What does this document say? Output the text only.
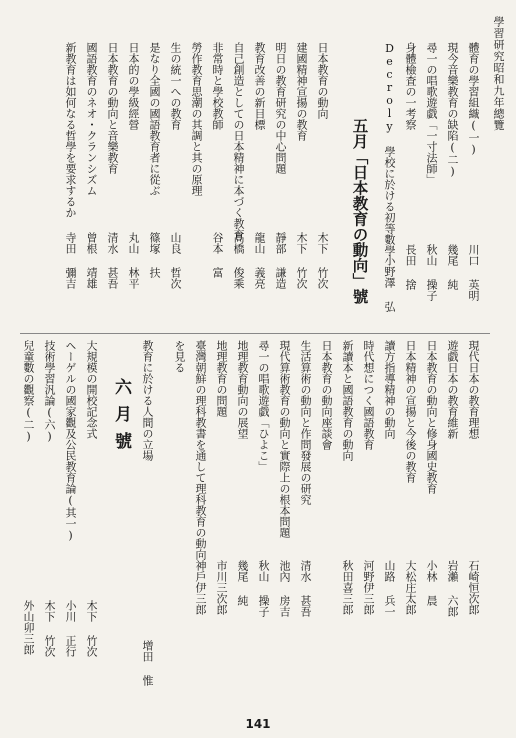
學習研究昭和九年總覽
體育の學習組織(一)
現今音樂教育の缺陷(二)
尋一の唱歌遊戯「一寸法師」
身體檢査の一考察
Decroly 學校に於ける初等數學
川口 英明
幾尾 純
秋山 操子
長田 捨
小野澤 弘
五月「日本教育の動向」號
日本教育の動向
建國精神宣揚の教育
明日の教育研究の中心問題
教育改善の新目標
自己創造としての日本精神に本づく教育
非常時と學校教師
勞作教育思潮の其調と其の原理
生の統一への教育
是なり全國の國語教育者に從ぶ
日本的の學級經營
日本教育の動向と音樂教育
國語教育のネオ・クランシズム
新教育は如何なる哲學を要求するか
木下 竹次
木下 竹次
靜部 謙造
龍山 義亮
高橋 俊乘
谷本 富
山良 哲次
篠塚 扶
丸山 林平
清水 甚吾
曾根 靖雄
寺田 彌吉
現代日本の教育理想
遊戯日本の教育維新
日本教育の動向と修身國史教育
日本精神の宣揚と今後の教育
讀方指導精神の動向
時代想につく國語教育
新讀本と國語教育の動向
日本教育の動向座談會
生活算術の動向と作問發展の研究
現代算術教育の動向と實際上の根本問題
尋一の唱歌遊戯「ひよこ」
地理教育動向の展望
地理教育の問題
臺灣朝鮮の理科教書を通して理科教育の動向
を見る
石崎恒次郎
岩瀨 六郎
小林 晨
大松庄太郎
山路 兵一
河野伊三郎
秋田喜三郎
清水 甚吾
池內 房吉
秋山 操子
幾尾 純
市川三次郎
神戶伊三郎
教育に於ける人間の立場
增田 惟
六月號
大規模の開校記念式
ヘーゲルの國家觀及公民教育論(其一)
技術學習汎論(六)
兒童數の觀察(二)
木下 竹次
小川 正行
木下 竹次
外山卯三郎
141
